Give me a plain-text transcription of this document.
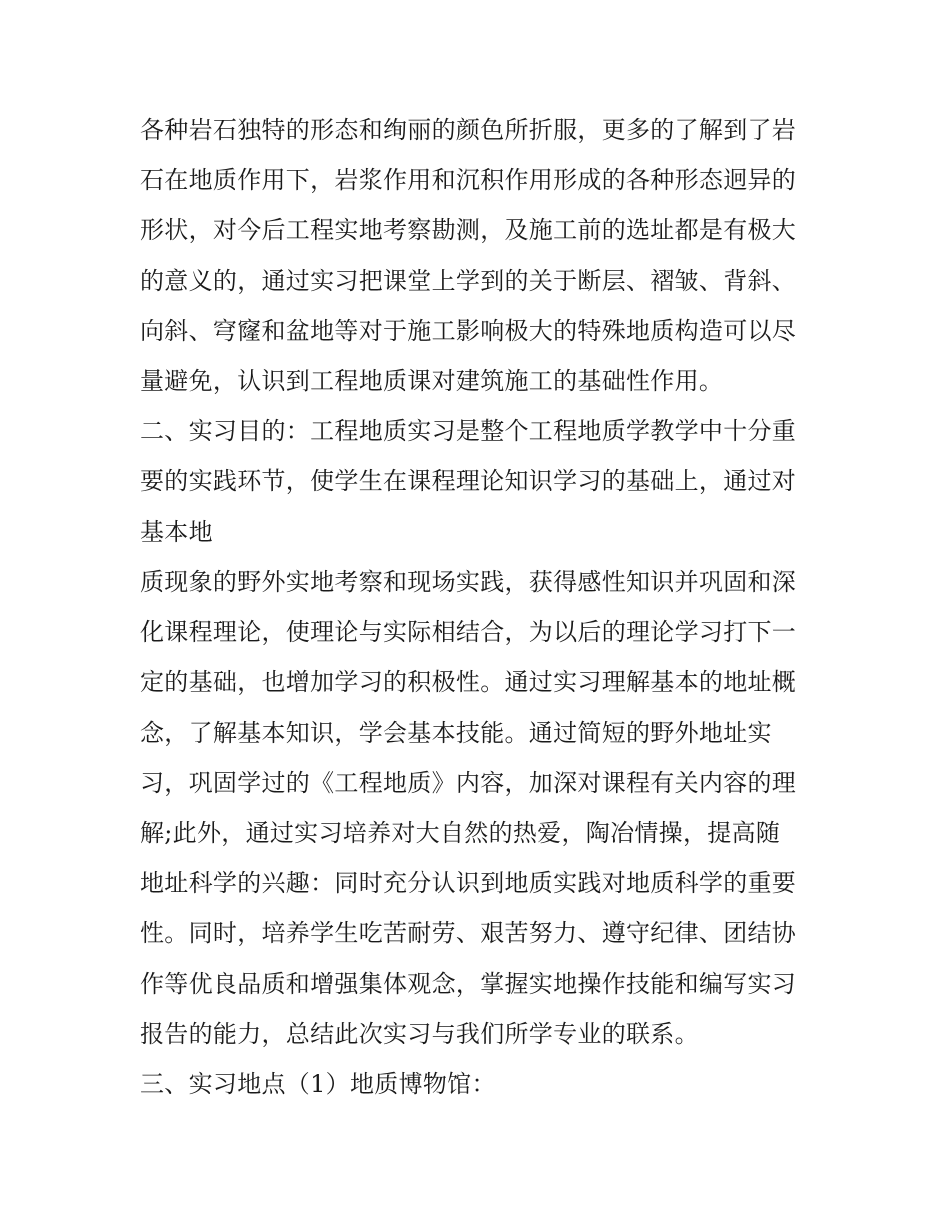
各种岩石独特的形态和绚丽的颜色所折服，更多的了解到了岩
石在地质作用下，岩浆作用和沉积作用形成的各种形态迥异的
形状，对今后工程实地考察勘测，及施工前的选址都是有极大
的意义的，通过实习把课堂上学到的关于断层、褶皱、背斜、
向斜、穹窿和盆地等对于施工影响极大的特殊地质构造可以尽
量避免，认识到工程地质课对建筑施工的基础性作用。
二、实习目的：工程地质实习是整个工程地质学教学中十分重
要的实践环节，使学生在课程理论知识学习的基础上，通过对
基本地
质现象的野外实地考察和现场实践，获得感性知识并巩固和深
化课程理论，使理论与实际相结合，为以后的理论学习打下一
定的基础，也增加学习的积极性。通过实习理解基本的地址概
念，了解基本知识，学会基本技能。通过简短的野外地址实
习，巩固学过的《工程地质》内容，加深对课程有关内容的理
解;此外，通过实习培养对大自然的热爱，陶冶情操，提高随
地址科学的兴趣：同时充分认识到地质实践对地质科学的重要
性。同时，培养学生吃苦耐劳、艰苦努力、遵守纪律、团结协
作等优良品质和增强集体观念，掌握实地操作技能和编写实习
报告的能力，总结此次实习与我们所学专业的联系。
三、实习地点（1）地质博物馆：
